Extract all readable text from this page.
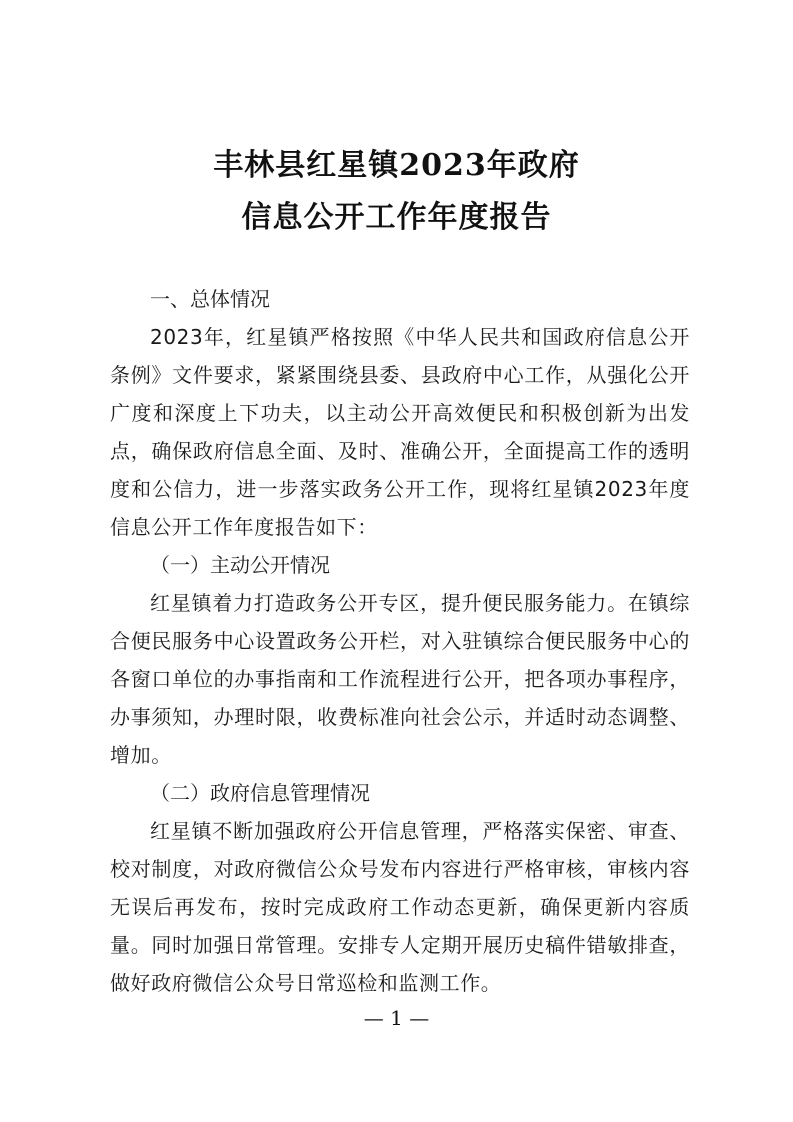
丰林县红星镇2023年政府
信息公开工作年度报告

一、总体情况

2023年，红星镇严格按照《中华人民共和国政府信息公开条例》文件要求，紧紧围绕县委、县政府中心工作，从强化公开广度和深度上下功夫，以主动公开高效便民和积极创新为出发点，确保政府信息全面、及时、准确公开，全面提高工作的透明度和公信力，进一步落实政务公开工作，现将红星镇2023年度信息公开工作年度报告如下：

（一）主动公开情况

红星镇着力打造政务公开专区，提升便民服务能力。在镇综合便民服务中心设置政务公开栏，对入驻镇综合便民服务中心的各窗口单位的办事指南和工作流程进行公开，把各项办事程序，办事须知，办理时限，收费标准向社会公示，并适时动态调整、增加。

（二）政府信息管理情况

红星镇不断加强政府公开信息管理，严格落实保密、审查、校对制度，对政府微信公众号发布内容进行严格审核，审核内容无误后再发布，按时完成政府工作动态更新，确保更新内容质量。同时加强日常管理。安排专人定期开展历史稿件错敏排查，做好政府微信公众号日常巡检和监测工作。

— 1 —
